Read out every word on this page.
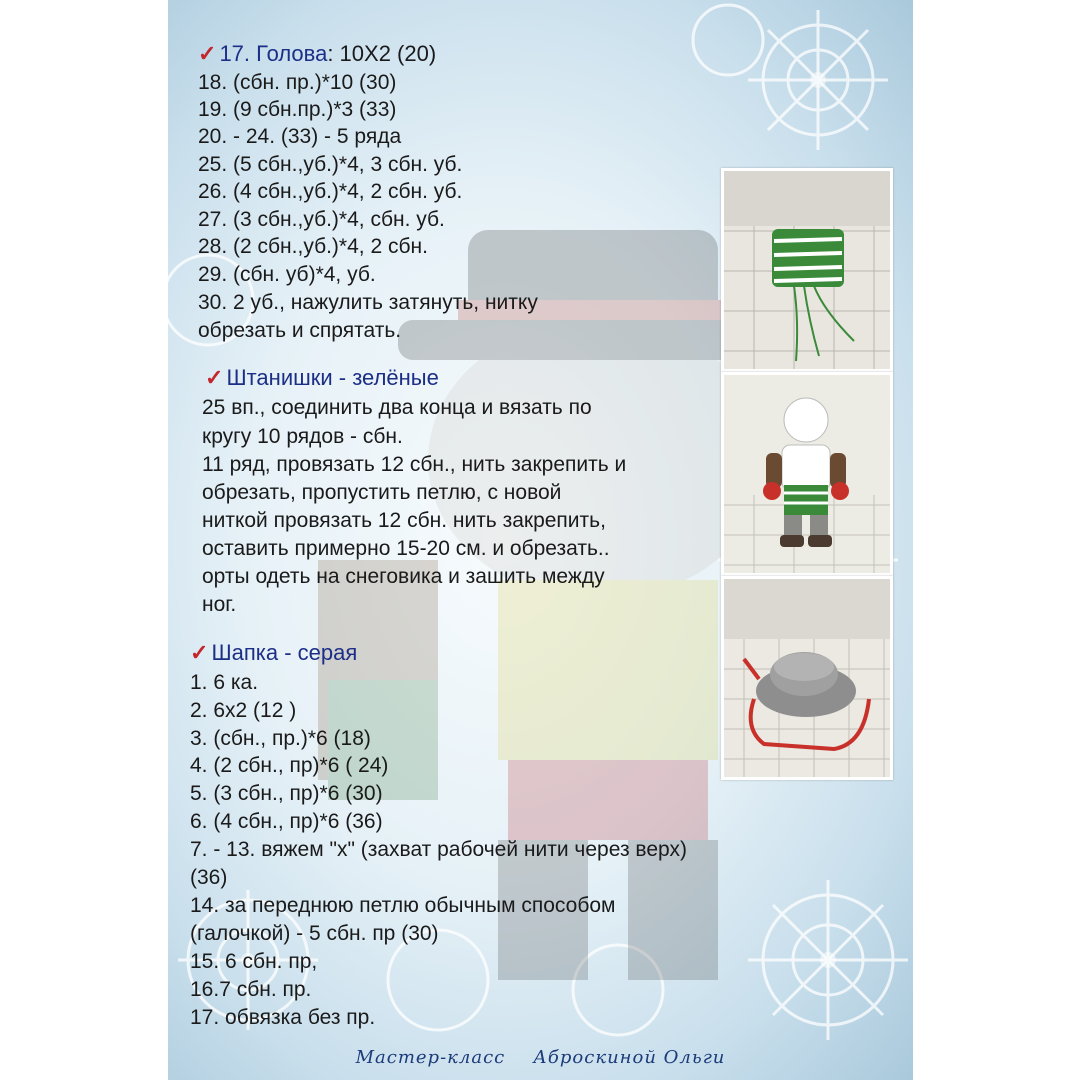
✓ 17. Голова: 10Х2 (20)
18. (сбн. пр.)*10 (30)
19. (9 сбн.пр.)*3 (33)
20. - 24. (33) - 5 ряда
25. (5 сбн.,уб.)*4, 3 сбн. уб.
26. (4 сбн.,уб.)*4, 2 сбн. уб.
27. (3 сбн.,уб.)*4, сбн. уб.
28. (2 сбн.,уб.)*4, 2 сбн.
29. (сбн. уб)*4, уб.
30. 2 уб., нажулить затянуть, нитку
обрезать и спрятать.
✓ Штанишки - зелёные
25 вп., соединить два конца и вязать по
кругу 10 рядов - сбн.
11 ряд, провязать 12 сбн., нить закрепить и
обрезать, пропустить петлю, с новой
ниткой провязать 12 сбн. нить закрепить,
оставить примерно 15-20 см. и обрезать..
орты одеть на снеговика и зашить между
ног.
✓ Шапка - серая
1. 6 ка.
2. 6х2 (12 )
3. (сбн., пр.)*6 (18)
4. (2 сбн., пр)*6 ( 24)
5. (3 сбн., пр)*6 (30)
6. (4 сбн., пр)*6 (36)
7. - 13. вяжем "х" (захват рабочей нити через верх)
(36)
14. за переднюю петлю обычным способом
(галочкой) - 5 сбн. пр (30)
15. 6 сбн. пр,
16.7 сбн. пр.
17. обвязка без пр.
Мастер-класс Аброскиной Ольги
